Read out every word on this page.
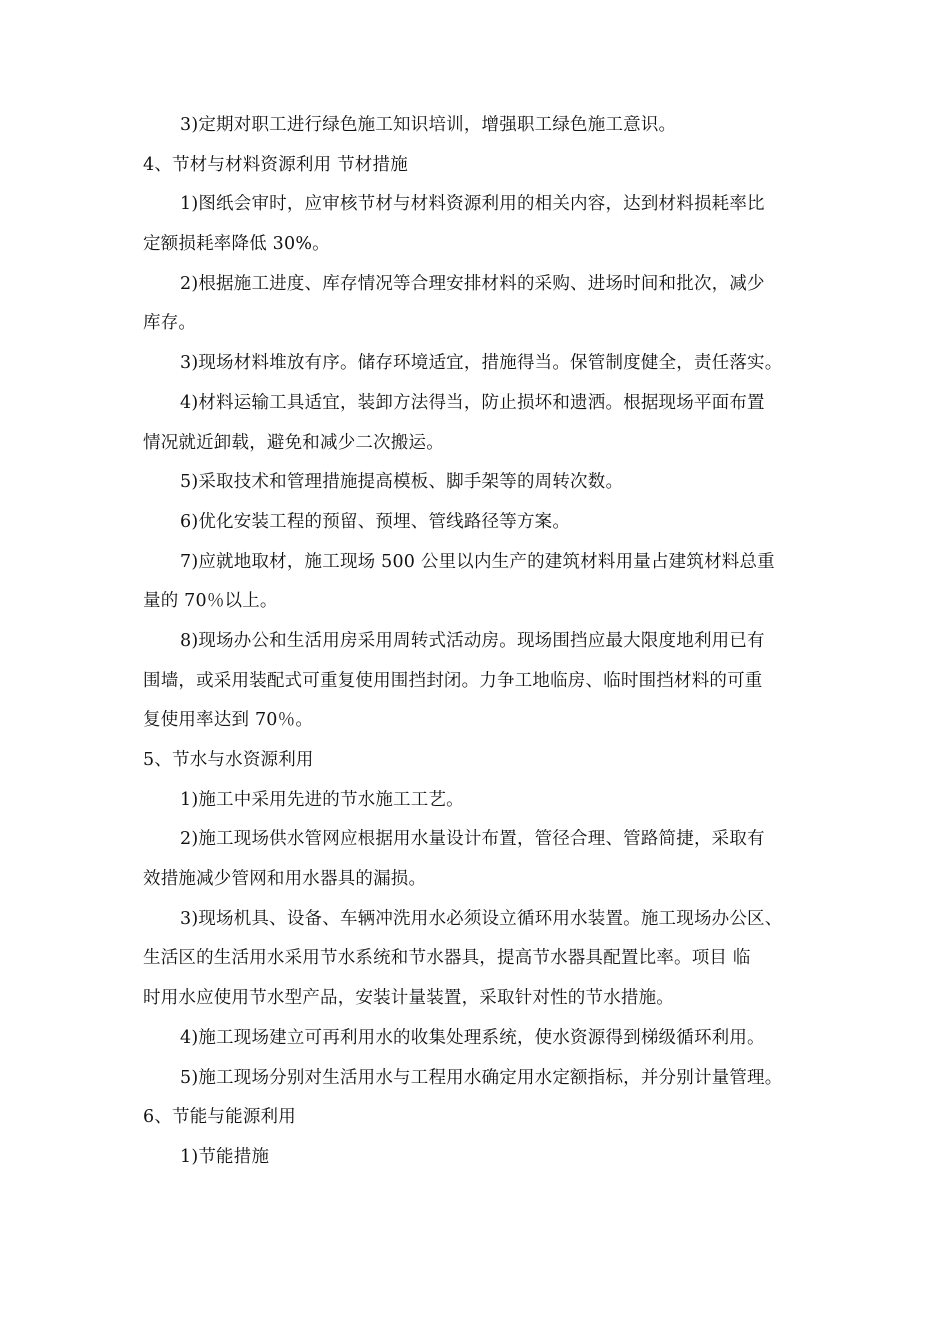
3)定期对职工进行绿色施工知识培训，增强职工绿色施工意识。
4、节材与材料资源利用 节材措施
1)图纸会审时，应审核节材与材料资源利用的相关内容，达到材料损耗率比
定额损耗率降低 30%。
2)根据施工进度、库存情况等合理安排材料的采购、进场时间和批次，减少
库存。
3)现场材料堆放有序。储存环境适宜，措施得当。保管制度健全，责任落实。
4)材料运输工具适宜，装卸方法得当，防止损坏和遗洒。根据现场平面布置
情况就近卸载，避免和减少二次搬运。
5)采取技术和管理措施提高模板、脚手架等的周转次数。
6)优化安装工程的预留、预埋、管线路径等方案。
7)应就地取材，施工现场 500 公里以内生产的建筑材料用量占建筑材料总重
量的 70％以上。
8)现场办公和生活用房采用周转式活动房。现场围挡应最大限度地利用已有
围墙，或采用装配式可重复使用围挡封闭。力争工地临房、临时围挡材料的可重
复使用率达到 70％。
5、节水与水资源利用
1)施工中采用先进的节水施工工艺。
2)施工现场供水管网应根据用水量设计布置，管径合理、管路简捷，采取有
效措施减少管网和用水器具的漏损。
3)现场机具、设备、车辆冲洗用水必须设立循环用水装置。施工现场办公区、
生活区的生活用水采用节水系统和节水器具，提高节水器具配置比率。项目 临
时用水应使用节水型产品，安装计量装置，采取针对性的节水措施。
4)施工现场建立可再利用水的收集处理系统，使水资源得到梯级循环利用。
5)施工现场分别对生活用水与工程用水确定用水定额指标，并分别计量管理。
6、节能与能源利用
1)节能措施
